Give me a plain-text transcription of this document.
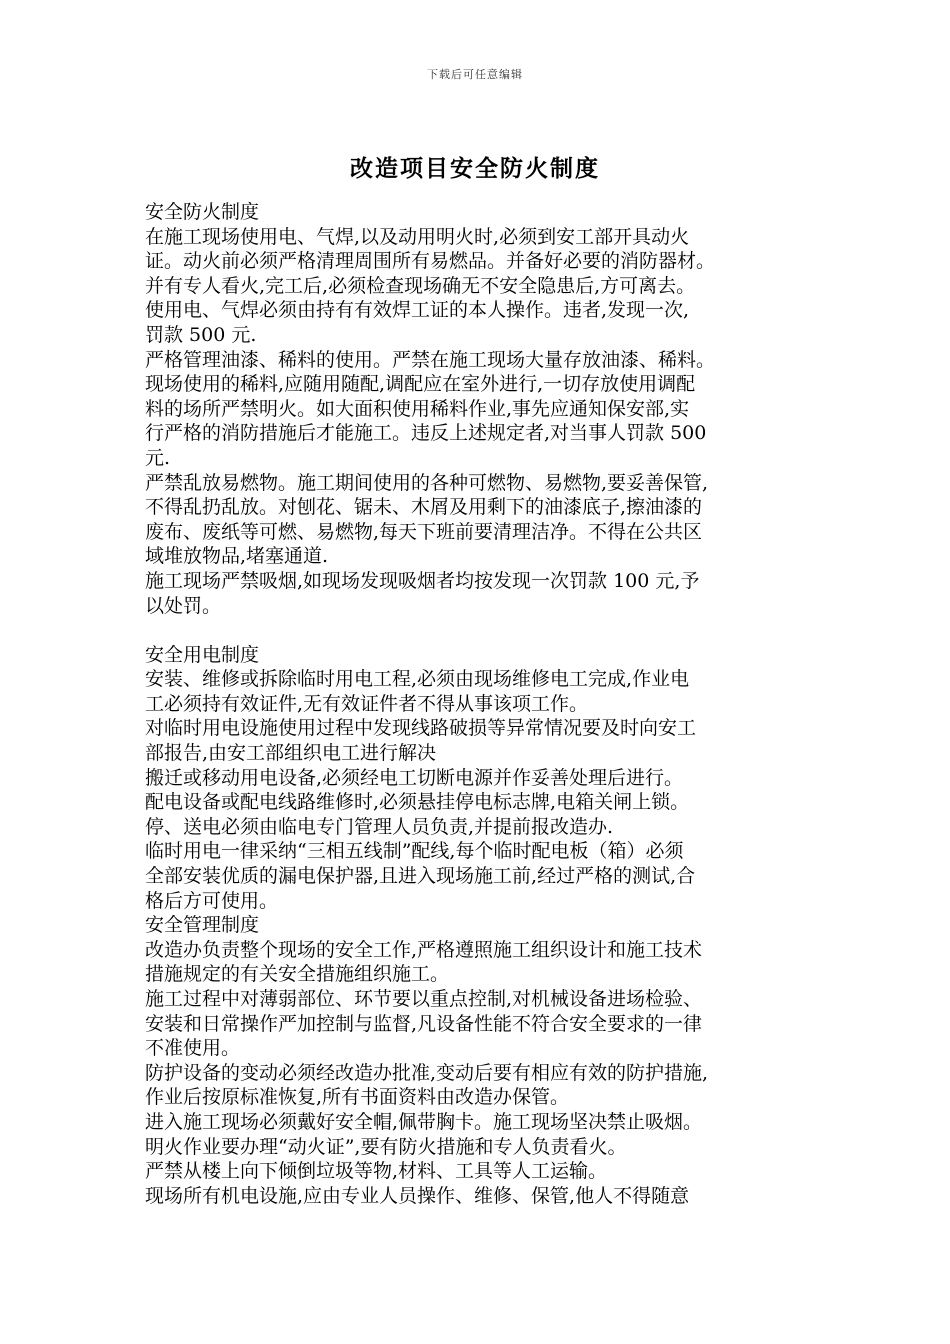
下载后可任意编辑
改造项目安全防火制度
安全防火制度
在施工现场使用电、气焊,以及动用明火时,必须到安工部开具动火
证。动火前必须严格清理周围所有易燃品。并备好必要的消防器材。
并有专人看火,完工后,必须检查现场确无不安全隐患后,方可离去。
使用电、气焊必须由持有有效焊工证的本人操作。违者,发现一次,
罚款 500 元.
严格管理油漆、稀料的使用。严禁在施工现场大量存放油漆、稀料。
现场使用的稀料,应随用随配,调配应在室外进行,一切存放使用调配
料的场所严禁明火。如大面积使用稀料作业,事先应通知保安部,实
行严格的消防措施后才能施工。违反上述规定者,对当事人罚款 500
元.
严禁乱放易燃物。施工期间使用的各种可燃物、易燃物,要妥善保管,
不得乱扔乱放。对刨花、锯未、木屑及用剩下的油漆底子,擦油漆的
废布、废纸等可燃、易燃物,每天下班前要清理洁净。不得在公共区
域堆放物品,堵塞通道.
施工现场严禁吸烟,如现场发现吸烟者均按发现一次罚款 100 元,予
以处罚。
安全用电制度
安装、维修或拆除临时用电工程,必须由现场维修电工完成,作业电
工必须持有效证件,无有效证件者不得从事该项工作。
对临时用电设施使用过程中发现线路破损等异常情况要及时向安工
部报告,由安工部组织电工进行解决
搬迁或移动用电设备,必须经电工切断电源并作妥善处理后进行。
配电设备或配电线路维修时,必须悬挂停电标志牌,电箱关闸上锁。
停、送电必须由临电专门管理人员负责,并提前报改造办.
临时用电一律采纳“三相五线制”配线,每个临时配电板（箱）必须
全部安装优质的漏电保护器,且进入现场施工前,经过严格的测试,合
格后方可使用。
安全管理制度
改造办负责整个现场的安全工作,严格遵照施工组织设计和施工技术
措施规定的有关安全措施组织施工。
施工过程中对薄弱部位、环节要以重点控制,对机械设备进场检验、
安装和日常操作严加控制与监督,凡设备性能不符合安全要求的一律
不准使用。
防护设备的变动必须经改造办批准,变动后要有相应有效的防护措施,
作业后按原标准恢复,所有书面资料由改造办保管。
进入施工现场必须戴好安全帽,佩带胸卡。施工现场坚决禁止吸烟。
明火作业要办理“动火证”,要有防火措施和专人负责看火。
严禁从楼上向下倾倒垃圾等物,材料、工具等人工运输。
现场所有机电设施,应由专业人员操作、维修、保管,他人不得随意
